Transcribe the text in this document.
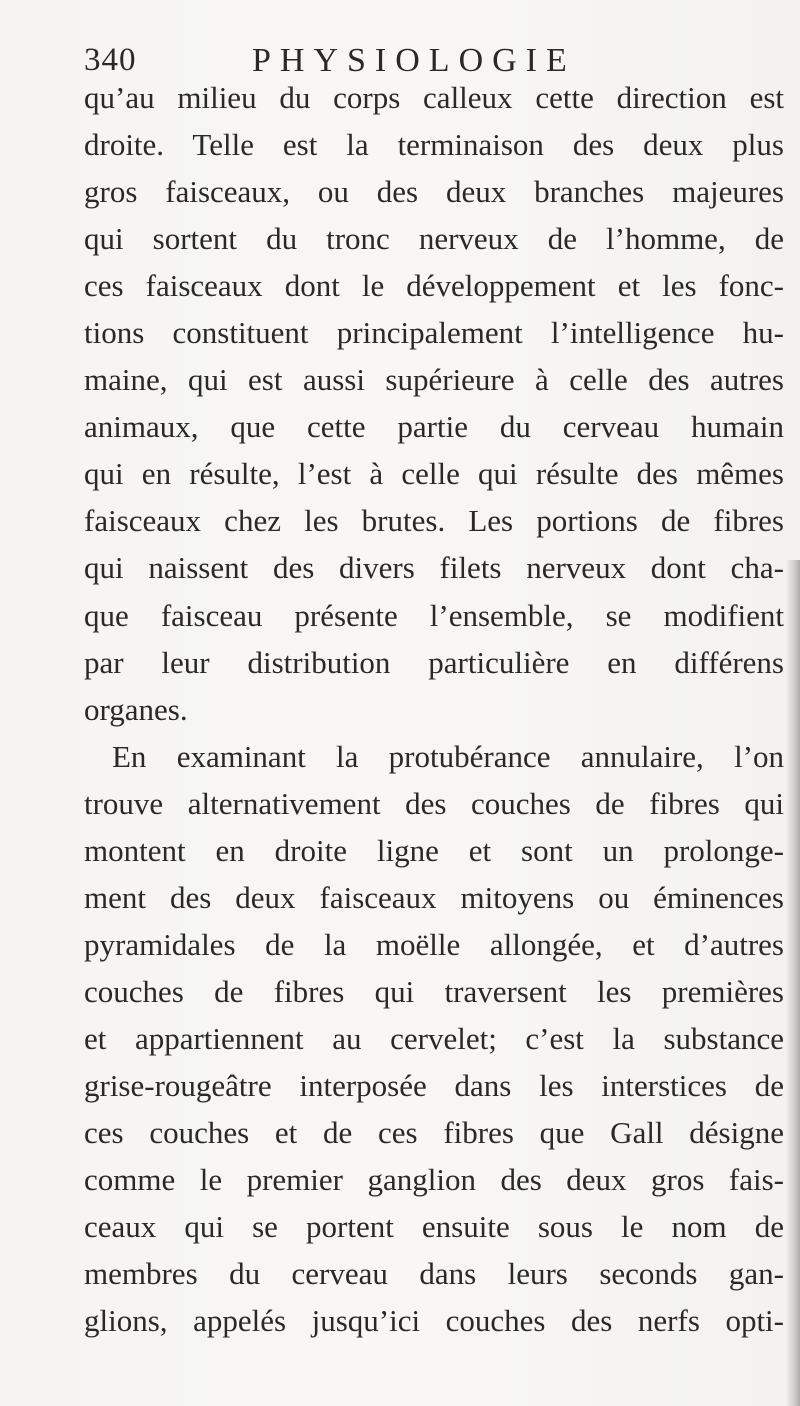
340	PHYSIOLOGIE
qu’au milieu du corps calleux cette direction est
droite. Telle est la terminaison des deux plus
gros faisceaux, ou des deux branches majeures
qui sortent du tronc nerveux de l’homme, de
ces faisceaux dont le développement et les fonc-
tions constituent principalement l’intelligence hu-
maine, qui est aussi supérieure à celle des autres
animaux, que cette partie du cerveau humain
qui en résulte, l’est à celle qui résulte des mêmes
faisceaux chez les brutes. Les portions de fibres
qui naissent des divers filets nerveux dont cha-
que faisceau présente l’ensemble, se modifient
par leur distribution particulière en différens
organes.
En examinant la protubérance annulaire, l’on
trouve alternativement des couches de fibres qui
montent en droite ligne et sont un prolonge-
ment des deux faisceaux mitoyens ou éminences
pyramidales de la moëlle allongée, et d’autres
couches de fibres qui traversent les premières
et appartiennent au cervelet; c’est la substance
grise-rougeâtre interposée dans les interstices de
ces couches et de ces fibres que Gall désigne
comme le premier ganglion des deux gros fais-
ceaux qui se portent ensuite sous le nom de
membres du cerveau dans leurs seconds gan-
glions, appelés jusqu’ici couches des nerfs opti-
